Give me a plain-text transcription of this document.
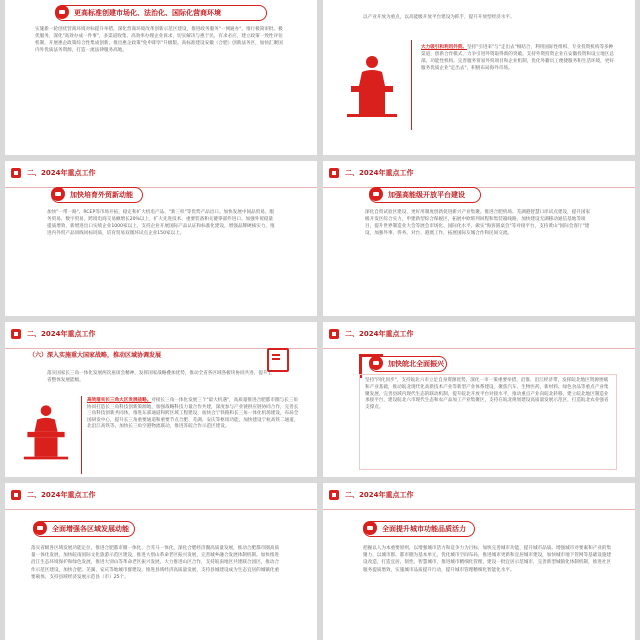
更高标准创建市场化、法治化、国际化营商环境
实施新一轮创优营商环境对标提升举措，深化营商环境改革创新示范区建设，推进政务服务"一网通办"，推行极简审批、极优服务，深化"高效办成一件事"，多渠道收集、高效率办理企业诉求，切实解决与惠于民，有求必应，建立政策一致性评估机制，开展惠企政策综合性集成创新，推出惠企政策"免申即享"升级版。高标准建设安徽（合肥）创新法务区，加快汇聚国内外优质法务资源，打造一流法律服务高地。
以产业开放为重点，以高能级开放平台建设为抓手，提升开放型经济水平。
大力吸引和利用外资。坚持"引进来"与"走出去"相结合，利用国际性组织、专业投资机构等多种渠道，创新合作模式，力争引进外资取得新的突破。支持外资投资企业在安徽投资和设立地区总部、功能性机构。完善服务贸易外贸项目和企业机制，优化外籍员工便捷服务和生活环境，更好服务优质企业"走出去"，积极布局海外市场。
二、2024年重点工作
加快培育外贸新动能
加快"一带一路"、RCEP等市场开拓，稳定和扩大机电产品、"新三样"等优势产品出口。加快发展中间品贸易、服务贸易、数字贸易，跨境电商交易额增长20%以上，扩大先进技术、重要装备和关键零部件进口。加强外贸稳量提质增效，新增进出口实绩企业1000家以上，支持企业开展国际产品认证和标准化建设，增强品牌硬核实力，推进内外贸产品同线同标同质，培育贸易双循环试点企业150家以上。
二、2024年重点工作
加强高能级开放平台建设
深化自贸试验区建设，更好用制度创新促进新兴产业集聚。推进合肥机场、芜湖港智慧口岸试点建设，提升国家级开发区综合实力，申建新型综合保税区，拓展中欧班列回程和集装箱线路，加快建设无湖移动通信基地等项目，提升世界制造业大会等展会市场化、国际化水平，做实"海客圆桌会"等对接平台，支持黄山"国际会客厅"建设，加强外事、侨务、对台、港澳工作，拓展国际友城合作和民间交流。
二、2024年重点工作
（六）深入实施重大国家战略，推动区域协调发展
落实国家长三角一体化发展两次座谈会精神，发挥国家战略叠加优势，推动全省各区域各板块协同共进，提升全省整体发展能级。
高效落实长三角大区发展战略。对接长三角一体化发展三个"最大机遇"，高质量推进合肥都市圈与长三角协同打造长三角科技创新策源地，加强战略科技力量合作共建，深度参与产业链供应链协同合作，完善长三角科技创新共同体，推进东部通道和跨区域工程建设，加快合宁铁路和长三角一体化机场建设，布局全国研发中心，提升长三角重要通道和重要节点合肥、芜湖、安庆等枢纽功能，加快建设宁杭高铁二通道、北沿江高铁等，加快长三角空港物流联动，推进苏皖合作示范区建设。
二、2024年重点工作
加快皖北全面振兴
坚持"四化同步"，支持皖北六市立足自身资源优势，深化一市一策重要举措，沿淮、沿江经济带，发挥皖北地区资源禀赋和产业基础，推动皖北现代化高新技术产业等新型产业体系建设，聚焦汽车、生物医药、新材料、绿色食品等重点产业集聚发展，完善县域内现代生态的联动机制，提升皖北开放平台对接水平，推动重点产业向皖北转移，建立皖北地区制造业承接平台，建设皖北六市现代生态和农产品加工产业集聚区，支持在皖北规划建设高质量发展示范区，打造皖北农业强省支撑点。
二、2024年重点工作
全面增强各区域发展动能
落实省级各区域发展功能定位，推进合肥都市圈一体化、合芜马一体化，深化合肥经济圈高质量发展，推动合肥都市圈高质量一体化发展，加快皖南国际文化旅游示范区建设，推进大别山革命老区振兴发展，完善城乡融合发展体制机制。加快推进沿江生态环境保护和绿色发展，推进大别山等革命老区振兴发展，大力推进山区合作，支持皖南地区共建联合园区，推动合作示范区建设，加快合肥、芜湖、安庆等地城市群建设，推进县域经济高质量发展，支持县城建设成为生态宜居的城镇化重要载体，支持县域经济发展示范县（市）25个。
二、2024年重点工作
全面提升城市功能品质活力
把握以人为本重要原则，以增强城市活力和竞争力为目标，加快完善城市功能，提升城市品质。增强城市对要素和产业的集聚力，以城市群、都市圈为基本单元，优化城市空间布局，推进城市更新和宜居城市建设，加快城市地下管网等基础设施建设改造，打造宜居、韧性、智慧城市，推进城市精细化管理，建设一批宜居示范城市，完善新型城镇化体制机制，推进社区服务提质增效，实施城市品质提升行动，提升城市管理精细化智能化水平。
